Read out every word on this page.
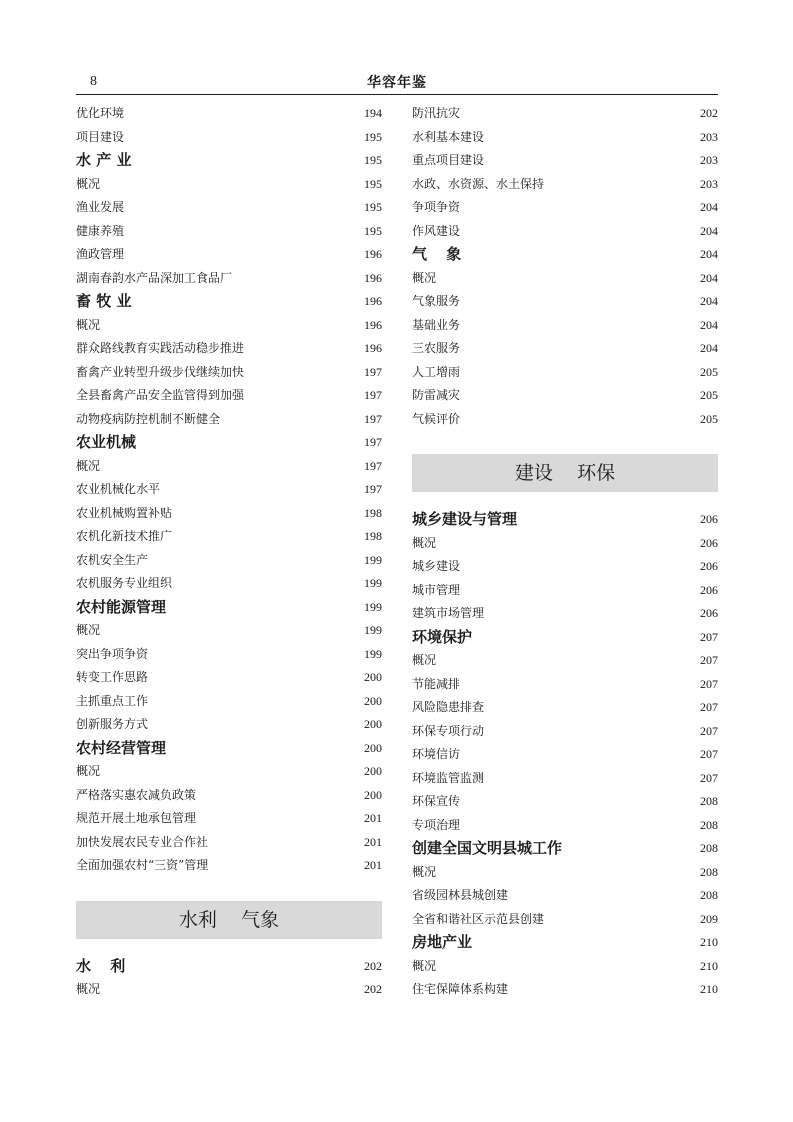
8	华容年鉴
优化环境	194
项目建设	195
水 产 业	195
概况	195
渔业发展	195
健康养殖	195
渔政管理	196
湖南春韵水产品深加工食品厂	196
畜 牧 业	196
概况	196
群众路线教育实践活动稳步推进	196
畜禽产业转型升级步伐继续加快	197
全县畜禽产品安全监管得到加强	197
动物疫病防控机制不断健全	197
农业机械	197
概况	197
农业机械化水平	197
农业机械购置补贴	198
农机化新技术推广	198
农机安全生产	199
农机服务专业组织	199
农村能源管理	199
概况	199
突出争项争资	199
转变工作思路	200
主抓重点工作	200
创新服务方式	200
农村经营管理	200
概况	200
严格落实惠农减负政策	200
规范开展土地承包管理	201
加快发展农民专业合作社	201
全面加强农村“三资”管理	201
水利    气象
水 利	202
概况	202
防汛抗灾	202
水利基本建设	203
重点项目建设	203
水政、水资源、水土保持	203
争项争资	204
作风建设	204
气 象	204
概况	204
气象服务	204
基础业务	204
三农服务	204
人工增雨	205
防雷减灾	205
气候评价	205
建设    环保
城乡建设与管理	206
概况	206
城乡建设	206
城市管理	206
建筑市场管理	206
环境保护	207
概况	207
节能减排	207
风险隐患排查	207
环保专项行动	207
环境信访	207
环境监管监测	207
环保宣传	208
专项治理	208
创建全国文明县城工作	208
概况	208
省级园林县城创建	208
全省和谐社区示范县创建	209
房地产业	210
概况	210
住宅保障体系构建	210
